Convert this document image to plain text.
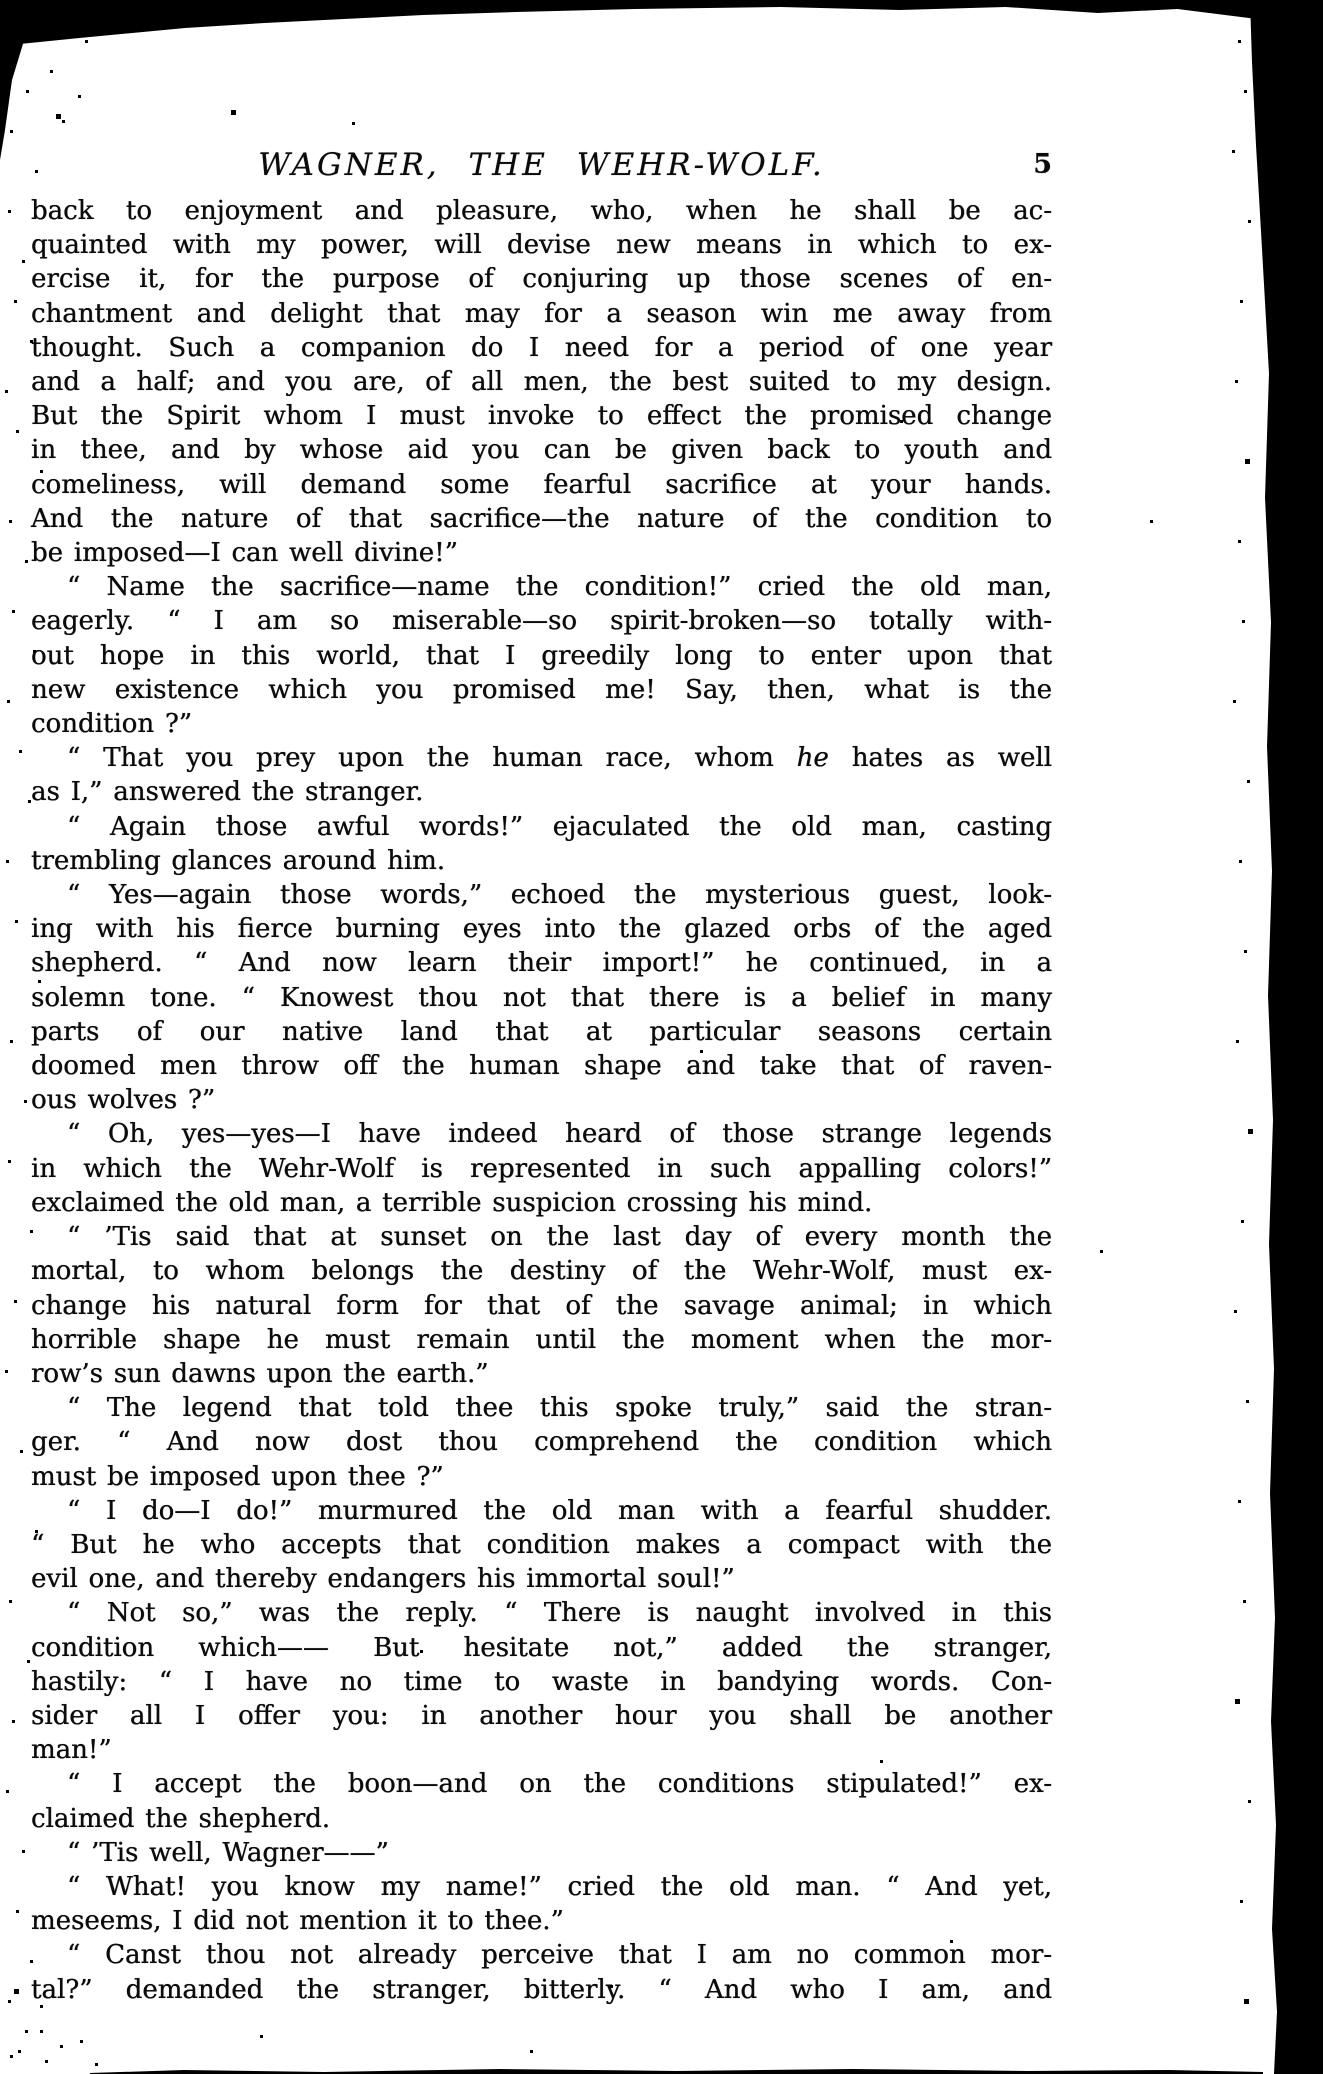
WAGNER, THE WEHR-WOLF.	5
back to enjoyment and pleasure, who, when he shall be ac-
quainted with my power, will devise new means in which to ex-
ercise it, for the purpose of conjuring up those scenes of en-
chantment and delight that may for a season win me away from
thought. Such a companion do I need for a period of one year
and a half; and you are, of all men, the best suited to my design.
But the Spirit whom I must invoke to effect the promised change
in thee, and by whose aid you can be given back to youth and
comeliness, will demand some fearful sacrifice at your hands.
And the nature of that sacrifice—the nature of the condition to
be imposed—I can well divine!”
“ Name the sacrifice—name the condition!” cried the old man,
eagerly. “ I am so miserable—so spirit-broken—so totally with-
out hope in this world, that I greedily long to enter upon that
new existence which you promised me! Say, then, what is the
condition ?”
“ That you prey upon the human race, whom he hates as well
as I,” answered the stranger.
“ Again those awful words!” ejaculated the old man, casting
trembling glances around him.
“ Yes—again those words,” echoed the mysterious guest, look-
ing with his fierce burning eyes into the glazed orbs of the aged
shepherd. “ And now learn their import!” he continued, in a
solemn tone. “ Knowest thou not that there is a belief in many
parts of our native land that at particular seasons certain
doomed men throw off the human shape and take that of raven-
ous wolves ?”
“ Oh, yes—yes—I have indeed heard of those strange legends
in which the Wehr-Wolf is represented in such appalling colors!”
exclaimed the old man, a terrible suspicion crossing his mind.
“ ’Tis said that at sunset on the last day of every month the
mortal, to whom belongs the destiny of the Wehr-Wolf, must ex-
change his natural form for that of the savage animal; in which
horrible shape he must remain until the moment when the mor-
row’s sun dawns upon the earth.”
“ The legend that told thee this spoke truly,” said the stran-
ger. “ And now dost thou comprehend the condition which
must be imposed upon thee ?”
“ I do—I do!” murmured the old man with a fearful shudder.
“ But he who accepts that condition makes a compact with the
evil one, and thereby endangers his immortal soul!”
“ Not so,” was the reply. “ There is naught involved in this
condition which—— But hesitate not,” added the stranger,
hastily: “ I have no time to waste in bandying words. Con-
sider all I offer you: in another hour you shall be another
man!”
“ I accept the boon—and on the conditions stipulated!” ex-
claimed the shepherd.
“ ’Tis well, Wagner——”
“ What! you know my name!” cried the old man. “ And yet,
meseems, I did not mention it to thee.”
“ Canst thou not already perceive that I am no common mor-
tal?” demanded the stranger, bitterly. “ And who I am, and
